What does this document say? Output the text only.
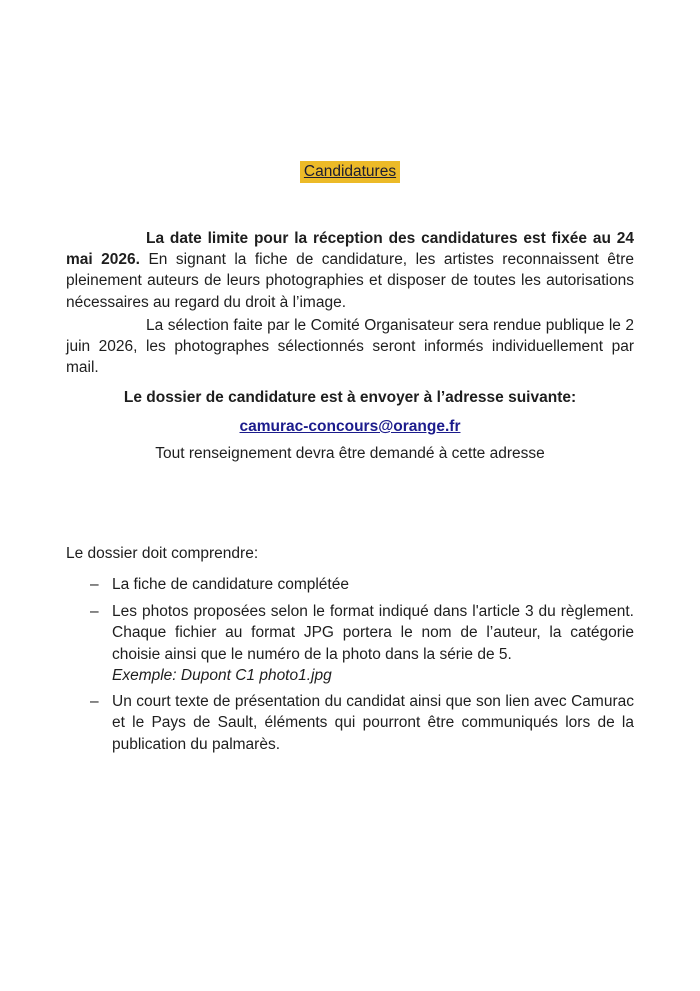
Candidatures

La date limite pour la réception des candidatures est fixée au 24 mai 2026. En signant la fiche de candidature, les artistes reconnaissent être pleinement auteurs de leurs photographies et disposer de toutes les autorisations nécessaires au regard du droit à l’image.

La sélection faite par le Comité Organisateur sera rendue publique le 2 juin 2026, les photographes sélectionnés seront informés individuellement par mail.

Le dossier de candidature est à envoyer à l’adresse suivante:
camurac-concours@orange.fr
Tout renseignement devra être demandé à cette adresse
Le dossier doit comprendre:
– La fiche de candidature complétée
– Les photos proposées selon le format indiqué dans l'article 3 du règlement. Chaque fichier au format JPG portera le nom de l’auteur, la catégorie choisie ainsi que le numéro de la photo dans la série de 5.
Exemple: Dupont C1 photo1.jpg
– Un court texte de présentation du candidat ainsi que son lien avec Camurac et le Pays de Sault, éléments qui pourront être communiqués lors de la publication du palmarès.
